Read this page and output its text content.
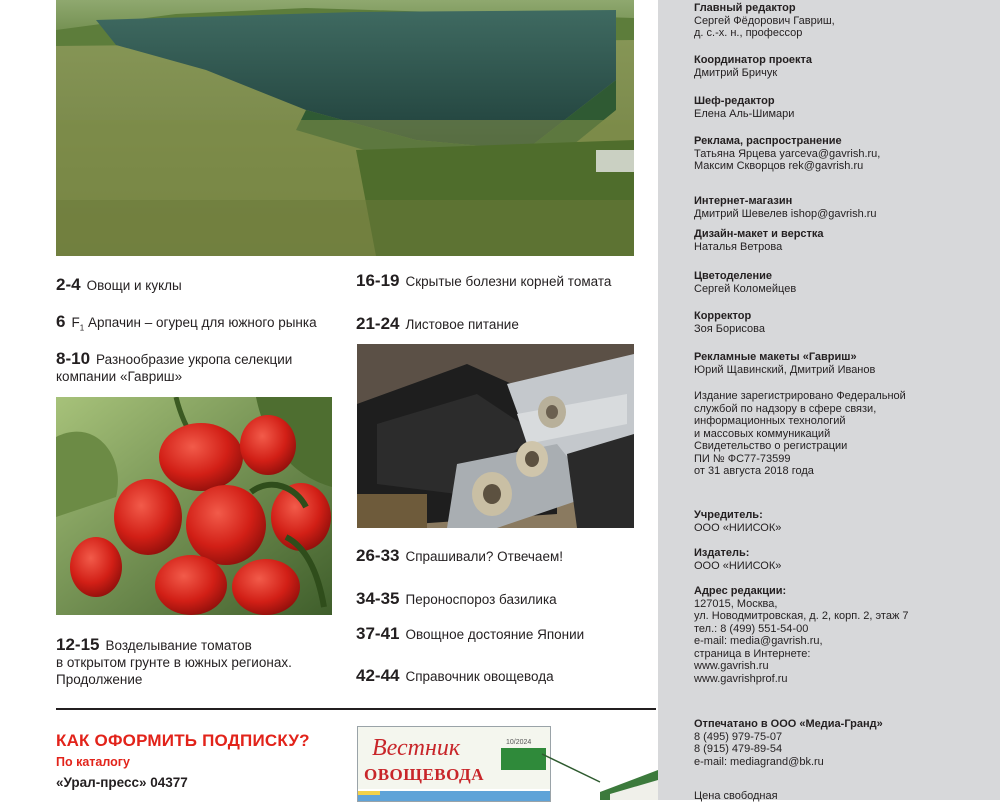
2-4 Овощи и куклы
6 $F_1$ Арпачин – огурец для южного рынка
8-10 Разнообразие укропа селекции
компании «Гавриш»
12-15 Возделывание томатов
в открытом грунте в южных регионах.
Продолжение
16-19 Скрытые болезни корней томата
21-24 Листовое питание
26-33 Спрашивали? Отвечаем!
34-35 Пероноспороз базилика
37-41 Овощное достояние Японии
42-44 Справочник овощевода
КАК ОФОРМИТЬ ПОДПИСКУ?
По каталогу
«Урал-пресс» 04377
Вестник
ОВОЩЕВОДА
10/2024
Главный редактор
Сергей Фёдорович Гавриш,
д. с.-х. н., профессор
Координатор проекта
Дмитрий Бричук
Шеф-редактор
Елена Аль-Шимари
Реклама, распространение
Татьяна Ярцева yarceva@gavrish.ru,
Максим Скворцов rek@gavrish.ru
Интернет-магазин
Дмитрий Шевелев ishop@gavrish.ru
Дизайн-макет и верстка
Наталья Ветрова
Цветоделение
Сергей Коломейцев
Корректор
Зоя Борисова
Рекламные макеты «Гавриш»
Юрий Щавинский, Дмитрий Иванов
Издание зарегистрировано Федеральной
службой по надзору в сфере связи,
информационных технологий
и массовых коммуникаций
Свидетельство о регистрации
ПИ № ФС77-73599
от 31 августа 2018 года
Учредитель:
ООО «НИИСОК»
Издатель:
ООО «НИИСОК»
Адрес редакции:
127015, Москва,
ул. Новодмитровская, д. 2, корп. 2, этаж 7
тел.: 8 (499) 551-54-00
e-mail: media@gavrish.ru,
страница в Интернете:
www.gavrish.ru
www.gavrishprof.ru
Отпечатано в ООО «Медиа-Гранд»
8 (495) 979-75-07
8 (915) 479-89-54
e-mail: mediagrand@bk.ru
Цена свободная
